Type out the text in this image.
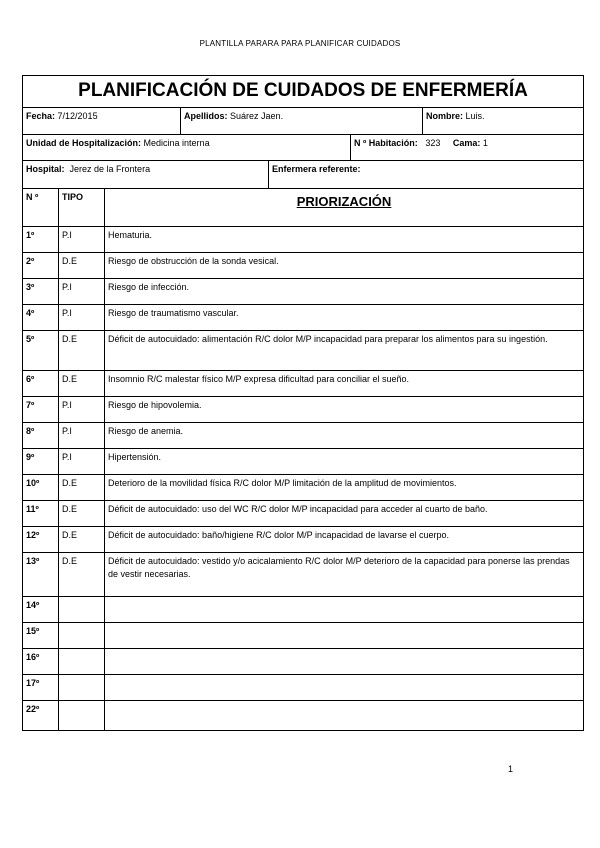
PLANTILLA PARARA PARA PLANIFICAR CUIDADOS
PLANIFICACIÓN DE CUIDADOS DE ENFERMERÍA
Fecha: 7/12/2015	Apellidos: Suárez Jaen.	Nombre: Luis.
Unidad de Hospitalización: Medicina interna	N º Habitación: 323 Cama: 1
Hospital: Jerez de la Frontera	Enfermera referente:
N º	TIPO	PRIORIZACIÓN
1º	P.I	Hematuria.
2º	D.E	Riesgo de obstrucción de la sonda vesical.
3º	P.I	Riesgo de infección.
4º	P.I	Riesgo de traumatismo vascular.
5º	D.E	Déficit de autocuidado: alimentación R/C dolor M/P incapacidad para preparar los alimentos para su ingestión.
6º	D.E	Insomnio R/C malestar físico M/P expresa dificultad para conciliar el sueño.
7º	P.I	Riesgo de hipovolemia.
8º	P.I	Riesgo de anemia.
9º	P.I	Hipertensión.
10º	D.E	Deterioro de la movilidad física R/C dolor M/P limitación de la amplitud de movimientos.
11º	D.E	Déficit de autocuidado: uso del WC R/C dolor M/P incapacidad para acceder al cuarto de baño.
12º	D.E	Déficit de autocuidado: baño/higiene R/C dolor M/P incapacidad de lavarse el cuerpo.
13º	D.E	Déficit de autocuidado: vestido y/o acicalamiento R/C dolor M/P deterioro de la capacidad para ponerse las prendas de vestir necesarias.
14º
15º
16º
17º
22º
1
